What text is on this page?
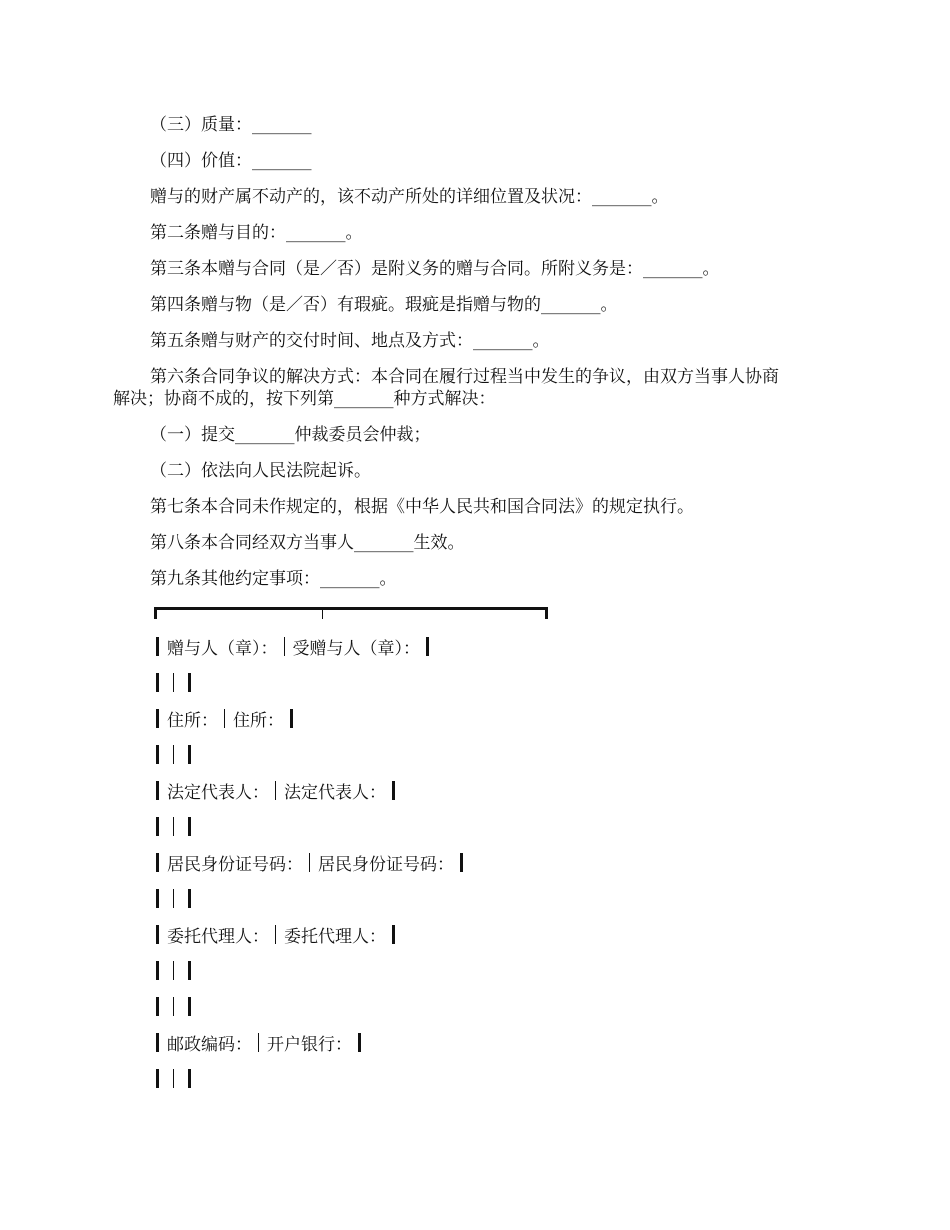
（三）质量：_______
（四）价值：_______
赠与的财产属不动产的，该不动产所处的详细位置及状况：_______。
第二条赠与目的：_______。
第三条本赠与合同（是／否）是附义务的赠与合同。所附义务是：_______。
第四条赠与物（是／否）有瑕疵。瑕疵是指赠与物的_______。
第五条赠与财产的交付时间、地点及方式：_______。
第六条合同争议的解决方式：本合同在履行过程当中发生的争议，由双方当事人协商
解决；协商不成的，按下列第_______种方式解决：
（一）提交_______仲裁委员会仲裁；
（二）依法向人民法院起诉。
第七条本合同未作规定的，根据《中华人民共和国合同法》的规定执行。
第八条本合同经双方当事人_______生效。
第九条其他约定事项：_______。
赠与人（章）： 受赠与人（章）：
住所： 住所：
法定代表人： 法定代表人：
居民身份证号码： 居民身份证号码：
委托代理人： 委托代理人：
邮政编码： 开户银行：
